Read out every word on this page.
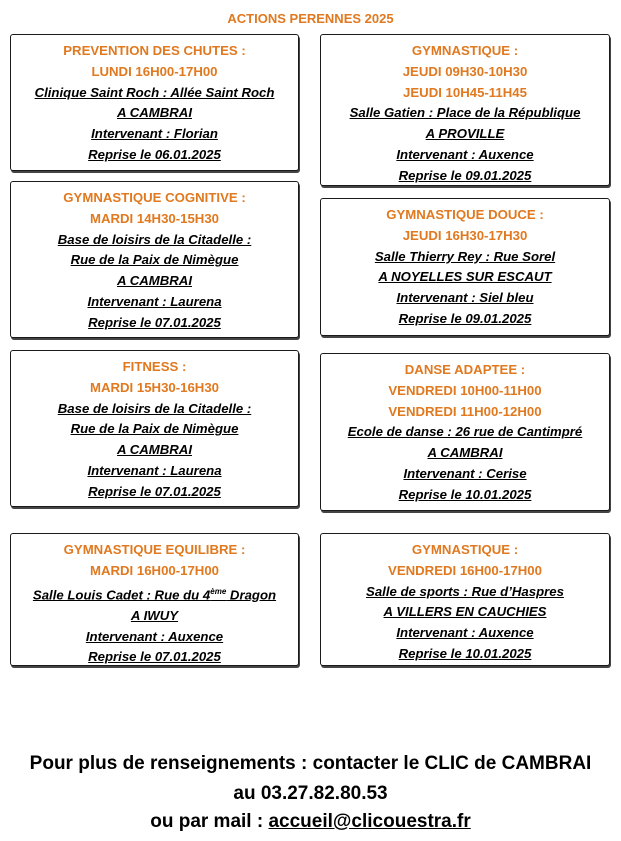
ACTIONS PERENNES 2025
PREVENTION DES CHUTES :
LUNDI 16H00-17H00
Clinique Saint Roch : Allée Saint Roch
A CAMBRAI
Intervenant : Florian
Reprise le 06.01.2025
GYMNASTIQUE :
JEUDI 09H30-10H30
JEUDI 10H45-11H45
Salle Gatien : Place de la République
A PROVILLE
Intervenant : Auxence
Reprise le 09.01.2025
GYMNASTIQUE COGNITIVE :
MARDI 14H30-15H30
Base de loisirs de la Citadelle :
Rue de la Paix de Nimègue
A CAMBRAI
Intervenant : Laurena
Reprise le 07.01.2025
GYMNASTIQUE DOUCE :
JEUDI 16H30-17H30
Salle Thierry Rey : Rue Sorel
A NOYELLES SUR ESCAUT
Intervenant : Siel bleu
Reprise le 09.01.2025
FITNESS :
MARDI 15H30-16H30
Base de loisirs de la Citadelle :
Rue de la Paix de Nimègue
A CAMBRAI
Intervenant : Laurena
Reprise le 07.01.2025
DANSE ADAPTEE :
VENDREDI 10H00-11H00
VENDREDI 11H00-12H00
Ecole de danse : 26 rue de Cantimpré
A CAMBRAI
Intervenant : Cerise
Reprise le 10.01.2025
GYMNASTIQUE EQUILIBRE :
MARDI 16H00-17H00
Salle Louis Cadet : Rue du 4ème Dragon
A IWUY
Intervenant : Auxence
Reprise le 07.01.2025
GYMNASTIQUE :
VENDREDI 16H00-17H00
Salle de sports : Rue d’Haspres
A VILLERS EN CAUCHIES
Intervenant : Auxence
Reprise le 10.01.2025
Pour plus de renseignements : contacter le CLIC de CAMBRAI
au 03.27.82.80.53
ou par mail : accueil@clicouestra.fr
